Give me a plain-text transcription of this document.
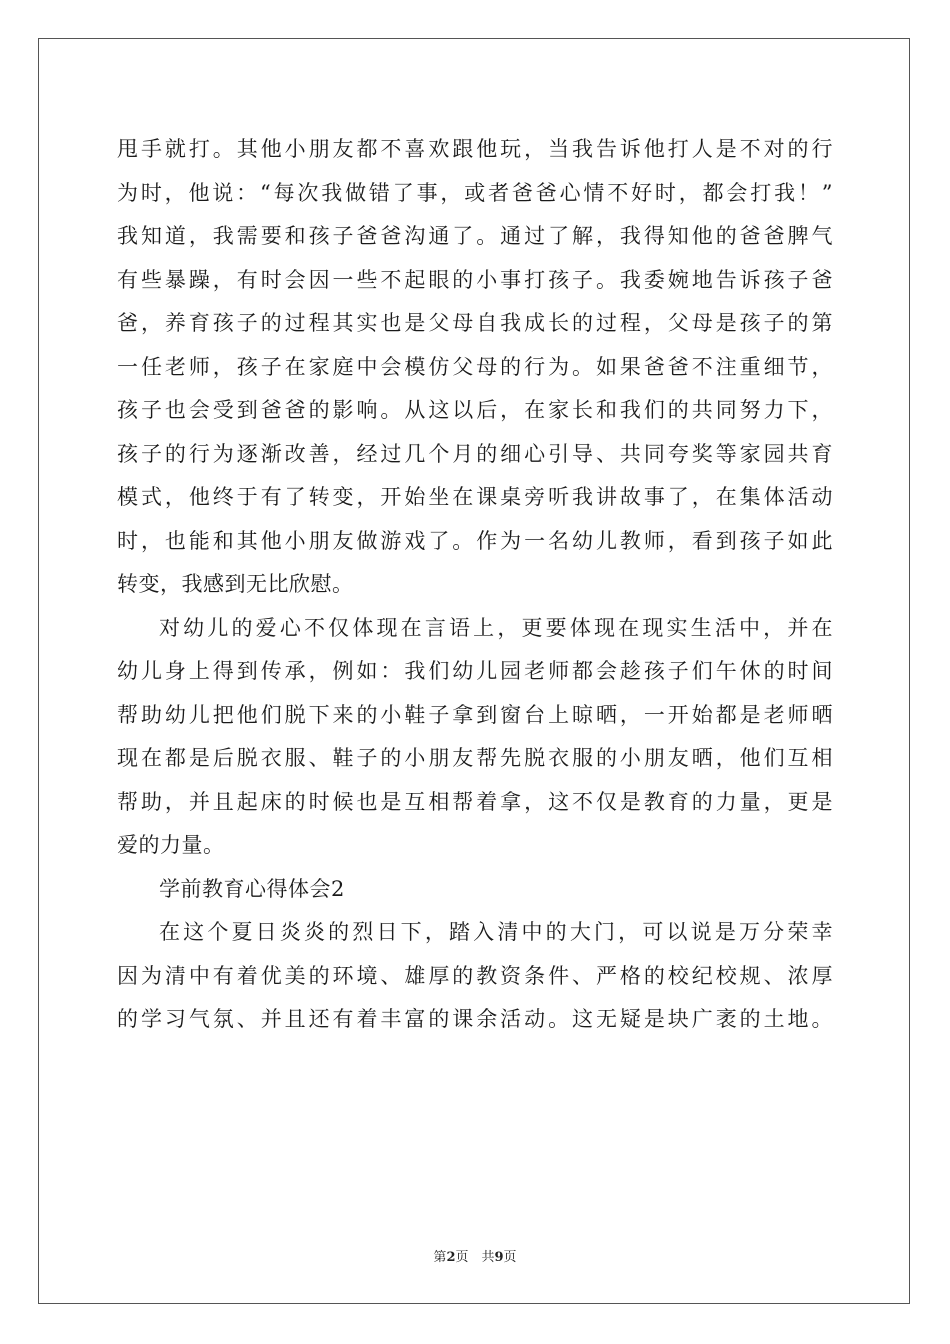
甩手就打。其他小朋友都不喜欢跟他玩，当我告诉他打人是不对的行
为时，他说：“每次我做错了事，或者爸爸心情不好时，都会打我！”
我知道，我需要和孩子爸爸沟通了。通过了解，我得知他的爸爸脾气
有些暴躁，有时会因一些不起眼的小事打孩子。我委婉地告诉孩子爸
爸，养育孩子的过程其实也是父母自我成长的过程，父母是孩子的第
一任老师，孩子在家庭中会模仿父母的行为。如果爸爸不注重细节，
孩子也会受到爸爸的影响。从这以后，在家长和我们的共同努力下，
孩子的行为逐渐改善，经过几个月的细心引导、共同夸奖等家园共育
模式，他终于有了转变，开始坐在课桌旁听我讲故事了，在集体活动
时，也能和其他小朋友做游戏了。作为一名幼儿教师，看到孩子如此
转变，我感到无比欣慰。
对幼儿的爱心不仅体现在言语上，更要体现在现实生活中，并在
幼儿身上得到传承，例如：我们幼儿园老师都会趁孩子们午休的时间
帮助幼儿把他们脱下来的小鞋子拿到窗台上晾晒，一开始都是老师晒
现在都是后脱衣服、鞋子的小朋友帮先脱衣服的小朋友晒，他们互相
帮助，并且起床的时候也是互相帮着拿，这不仅是教育的力量，更是
爱的力量。
学前教育心得体会2
在这个夏日炎炎的烈日下，踏入清中的大门，可以说是万分荣幸
因为清中有着优美的环境、雄厚的教资条件、严格的校纪校规、浓厚
的学习气氛、并且还有着丰富的课余活动。这无疑是块广袤的土地。
第2页　共9页
